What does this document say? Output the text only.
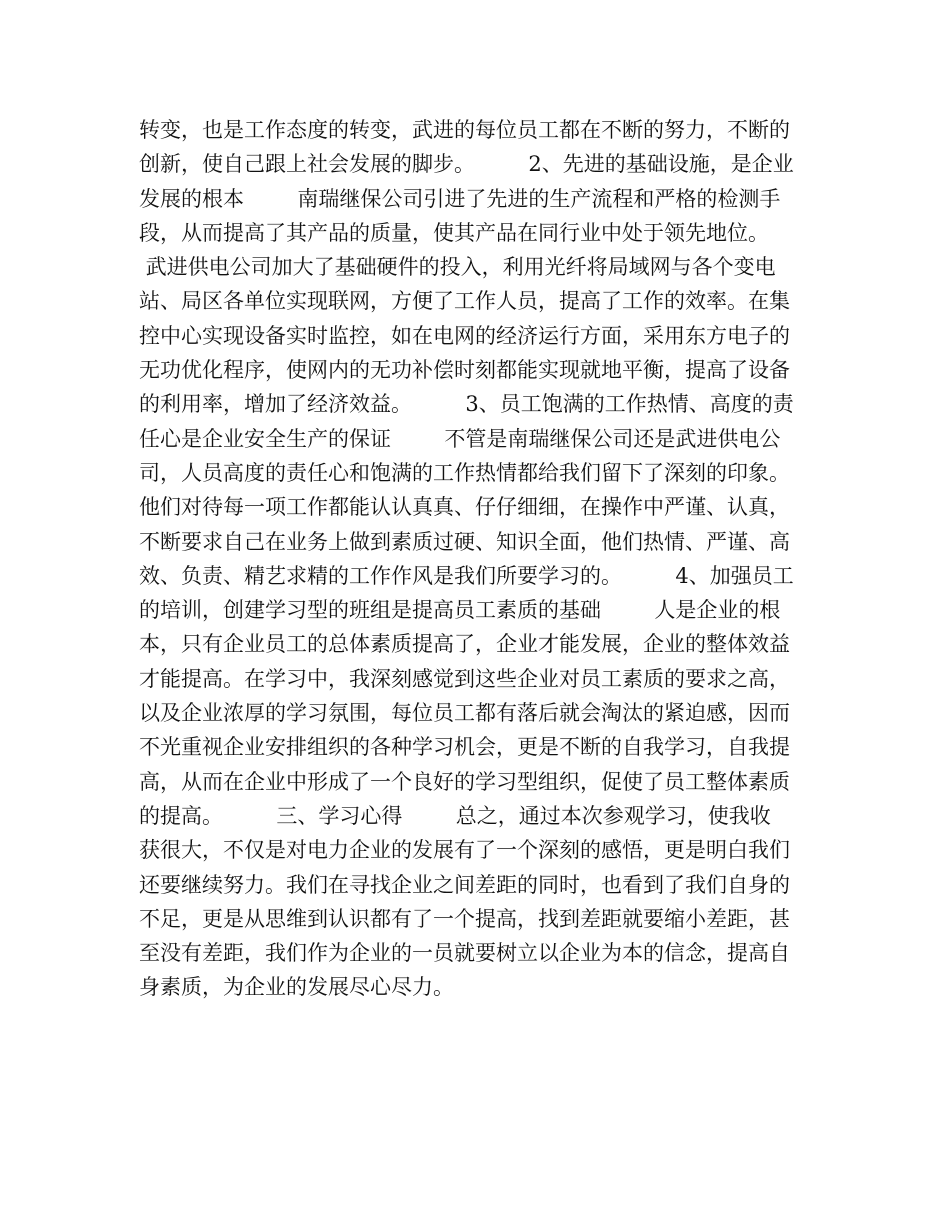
转变，也是工作态度的转变，武进的每位员工都在不断的努力，不断的
创新，使自己跟上社会发展的脚步。        2、先进的基础设施，是企业
发展的根本        南瑞继保公司引进了先进的生产流程和严格的检测手
段，从而提高了其产品的质量，使其产品在同行业中处于领先地位。
武进供电公司加大了基础硬件的投入，利用光纤将局域网与各个变电
站、局区各单位实现联网，方便了工作人员，提高了工作的效率。在集
控中心实现设备实时监控，如在电网的经济运行方面，采用东方电子的
无功优化程序，使网内的无功补偿时刻都能实现就地平衡，提高了设备
的利用率，增加了经济效益。        3、员工饱满的工作热情、高度的责
任心是企业安全生产的保证        不管是南瑞继保公司还是武进供电公
司，人员高度的责任心和饱满的工作热情都给我们留下了深刻的印象。
他们对待每一项工作都能认认真真、仔仔细细，在操作中严谨、认真，
不断要求自己在业务上做到素质过硬、知识全面，他们热情、严谨、高
效、负责、精艺求精的工作作风是我们所要学习的。        4、加强员工
的培训，创建学习型的班组是提高员工素质的基础        人是企业的根
本，只有企业员工的总体素质提高了，企业才能发展，企业的整体效益
才能提高。在学习中，我深刻感觉到这些企业对员工素质的要求之高，
以及企业浓厚的学习氛围，每位员工都有落后就会淘汰的紧迫感，因而
不光重视企业安排组织的各种学习机会，更是不断的自我学习，自我提
高，从而在企业中形成了一个良好的学习型组织，促使了员工整体素质
的提高。        三、学习心得        总之，通过本次参观学习，使我收
获很大，不仅是对电力企业的发展有了一个深刻的感悟，更是明白我们
还要继续努力。我们在寻找企业之间差距的同时，也看到了我们自身的
不足，更是从思维到认识都有了一个提高，找到差距就要缩小差距，甚
至没有差距，我们作为企业的一员就要树立以企业为本的信念，提高自
身素质，为企业的发展尽心尽力。
